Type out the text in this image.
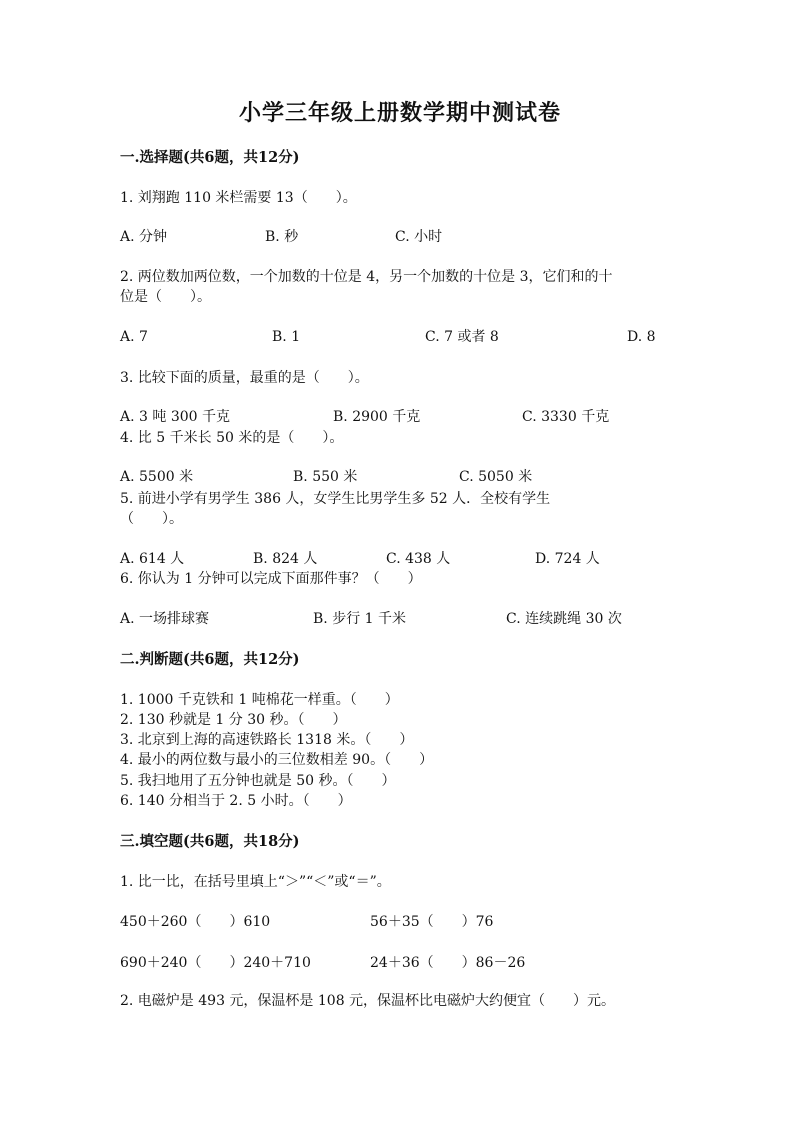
小学三年级上册数学期中测试卷
一.选择题(共6题，共12分)
1. 刘翔跑 110 米栏需要 13（　　）。
A. 分钟	B. 秒	C. 小时
2. 两位数加两位数，一个加数的十位是 4，另一个加数的十位是 3，它们和的十
位是（　　）。
A. 7	B. 1	C. 7 或者 8	D. 8
3. 比较下面的质量，最重的是（　　）。
A. 3 吨 300 千克	B. 2900 千克	C. 3330 千克
4. 比 5 千米长 50 米的是（　　）。
A. 5500 米	B. 550 米	C. 5050 米
5. 前进小学有男学生 386 人，女学生比男学生多 52 人．全校有学生
（　　）。
A. 614 人	B. 824 人	C. 438 人	D. 724 人
6. 你认为 1 分钟可以完成下面那件事？（　　）
A. 一场排球赛	B. 步行 1 千米	C. 连续跳绳 30 次
二.判断题(共6题，共12分)
1. 1000 千克铁和 1 吨棉花一样重。（　　）
2. 130 秒就是 1 分 30 秒。（　　）
3. 北京到上海的高速铁路长 1318 米。（　　）
4. 最小的两位数与最小的三位数相差 90。（　　）
5. 我扫地用了五分钟也就是 50 秒。（　　）
6. 140 分相当于 2. 5 小时。（　　）
三.填空题(共6题，共18分)
1. 比一比，在括号里填上“＞”“＜”或“＝”。
450＋260（　　）610	56＋35（　　）76
690＋240（　　）240＋710	24＋36（　　）86－26
2. 电磁炉是 493 元，保温杯是 108 元，保温杯比电磁炉大约便宜（　　）元。
